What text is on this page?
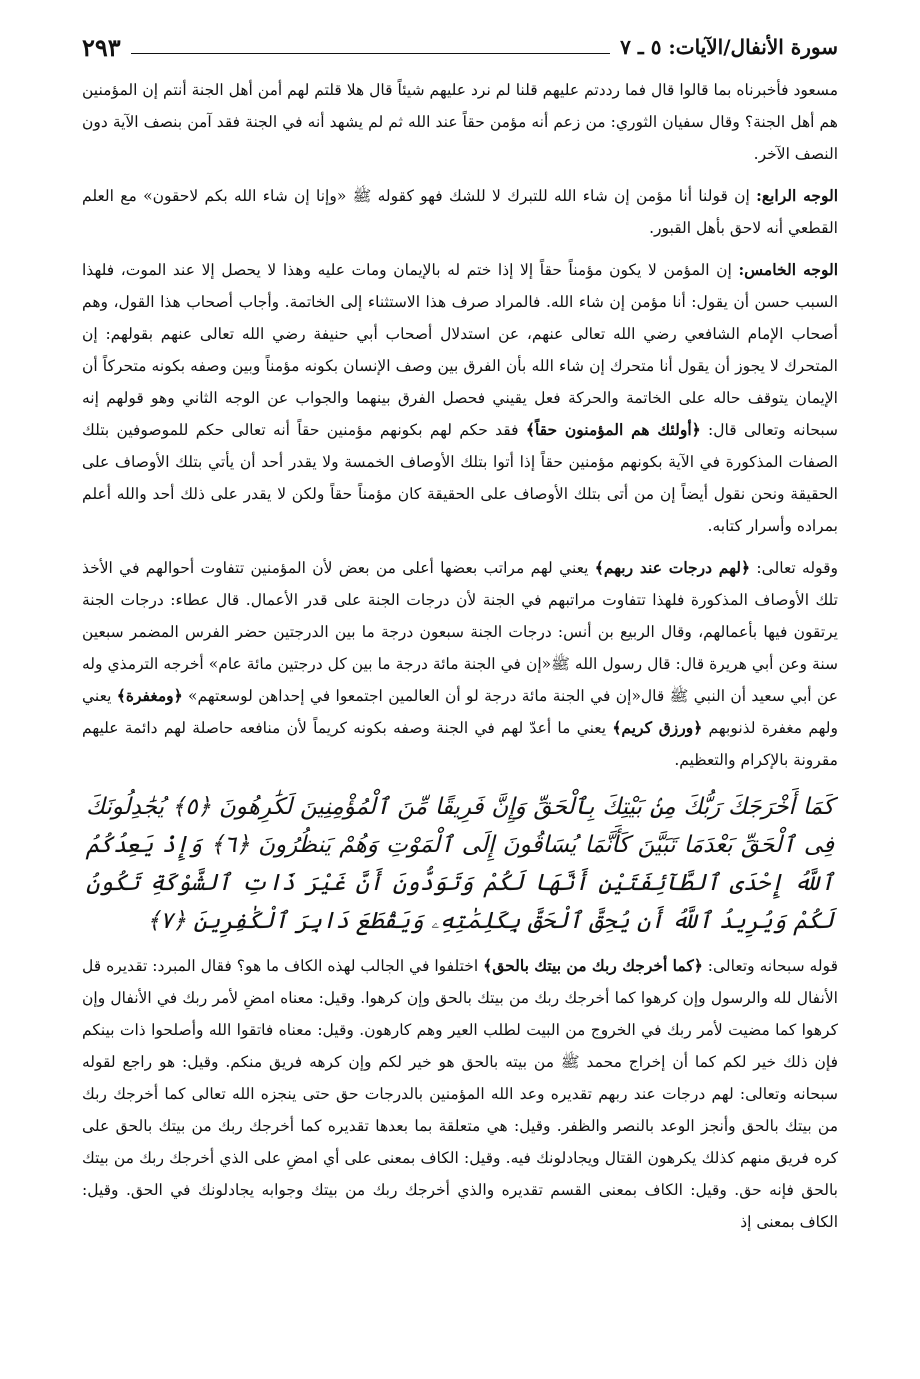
سورة الأنفال/الآيات: ٥ ـ ٧
٢٩٣

مسعود فأخبرناه بما قالوا قال فما رددتم عليهم قلنا لم نرد عليهم شيئاً قال هلا قلتم لهم أمن أهل الجنة أنتم إن المؤمنين هم أهل الجنة؟ وقال سفيان الثوري: من زعم أنه مؤمن حقاً عند الله ثم لم يشهد أنه في الجنة فقد آمن بنصف الآية دون النصف الآخر.

الوجه الرابع: إن قولنا أنا مؤمن إن شاء الله للتبرك لا للشك فهو كقوله ﷺ «وإنا إن شاء الله بكم لاحقون» مع العلم القطعي أنه لاحق بأهل القبور.

الوجه الخامس: إن المؤمن لا يكون مؤمناً حقاً إلا إذا ختم له بالإيمان ومات عليه وهذا لا يحصل إلا عند الموت، فلهذا السبب حسن أن يقول: أنا مؤمن إن شاء الله. فالمراد صرف هذا الاستثناء إلى الخاتمة. وأجاب أصحاب هذا القول، وهم أصحاب الإمام الشافعي رضي الله تعالى عنهم، عن استدلال أصحاب أبي حنيفة رضي الله تعالى عنهم بقولهم: إن المتحرك لا يجوز أن يقول أنا متحرك إن شاء الله بأن الفرق بين وصف الإنسان بكونه مؤمناً وبين وصفه بكونه متحركاً أن الإيمان يتوقف حاله على الخاتمة والحركة فعل يقيني فحصل الفرق بينهما والجواب عن الوجه الثاني وهو قولهم إنه سبحانه وتعالى قال: ﴿أولئك هم المؤمنون حقاً﴾ فقد حكم لهم بكونهم مؤمنين حقاً أنه تعالى حكم للموصوفين بتلك الصفات المذكورة في الآية بكونهم مؤمنين حقاً إذا أتوا بتلك الأوصاف الخمسة ولا يقدر أحد أن يأتي بتلك الأوصاف على الحقيقة ونحن نقول أيضاً إن من أتى بتلك الأوصاف على الحقيقة كان مؤمناً حقاً ولكن لا يقدر على ذلك أحد والله أعلم بمراده وأسرار كتابه.

وقوله تعالى: ﴿لهم درجات عند ربهم﴾ يعني لهم مراتب بعضها أعلى من بعض لأن المؤمنين تتفاوت أحوالهم في الأخذ تلك الأوصاف المذكورة فلهذا تتفاوت مراتبهم في الجنة لأن درجات الجنة على قدر الأعمال. قال عطاء: درجات الجنة يرتقون فيها بأعمالهم، وقال الربيع بن أنس: درجات الجنة سبعون درجة ما بين الدرجتين حضر الفرس المضمر سبعين سنة وعن أبي هريرة قال: قال رسول الله ﷺ«إن في الجنة مائة درجة ما بين كل درجتين مائة عام» أخرجه الترمذي وله عن أبي سعيد أن النبي ﷺ قال«إن في الجنة مائة درجة لو أن العالمين اجتمعوا في إحداهن لوسعتهم» ﴿ومغفرة﴾ يعني ولهم مغفرة لذنوبهم ﴿ورزق كريم﴾ يعني ما أعدّ لهم في الجنة وصفه بكونه كريماً لأن منافعه حاصلة لهم دائمة عليهم مقرونة بالإكرام والتعظيم.

كَمَا أَخْرَجَكَ رَبُّكَ مِنۢ بَيْتِكَ بِٱلْحَقِّ وَإِنَّ فَرِيقًا مِّنَ ٱلْمُؤْمِنِينَ لَكَٰرِهُونَ ﴿٥﴾ يُجَٰدِلُونَكَ فِى ٱلْحَقِّ بَعْدَمَا تَبَيَّنَ كَأَنَّمَا يُسَاقُونَ إِلَى ٱلْمَوْتِ وَهُمْ يَنظُرُونَ ﴿٦﴾ وَإِذْ يَعِدُكُمُ ٱللَّهُ إِحْدَى ٱلطَّآئِفَتَيْنِ أَنَّهَا لَكُمْ وَتَوَدُّونَ أَنَّ غَيْرَ ذَاتِ ٱلشَّوْكَةِ تَكُونُ لَكُمْ وَيُرِيدُ ٱللَّهُ أَن يُحِقَّ ٱلْحَقَّ بِكَلِمَٰتِهِۦ وَيَقْطَعَ دَابِرَ ٱلْكَٰفِرِينَ ﴿٧﴾

قوله سبحانه وتعالى: ﴿كما أخرجك ربك من بيتك بالحق﴾ اختلفوا في الجالب لهذه الكاف ما هو؟ فقال المبرد: تقديره قل الأنفال لله والرسول وإن كرهوا كما أخرجك ربك من بيتك بالحق وإن كرهوا. وقيل: معناه امضِ لأمر ربك في الأنفال وإن كرهوا كما مضيت لأمر ربك في الخروج من البيت لطلب العير وهم كارهون. وقيل: معناه فاتقوا الله وأصلحوا ذات بينكم فإن ذلك خير لكم كما أن إخراج محمد ﷺ من بيته بالحق هو خير لكم وإن كرهه فريق منكم. وقيل: هو راجع لقوله سبحانه وتعالى: لهم درجات عند ربهم تقديره وعد الله المؤمنين بالدرجات حق حتى ينجزه الله تعالى كما أخرجك ربك من بيتك بالحق وأنجز الوعد بالنصر والظفر. وقيل: هي متعلقة بما بعدها تقديره كما أخرجك ربك من بيتك بالحق على كره فريق منهم كذلك يكرهون القتال ويجادلونك فيه. وقيل: الكاف بمعنى على أي امضِ على الذي أخرجك ربك من بيتك بالحق فإنه حق. وقيل: الكاف بمعنى القسم تقديره والذي أخرجك ربك من بيتك وجوابه يجادلونك في الحق. وقيل: الكاف بمعنى إذ
